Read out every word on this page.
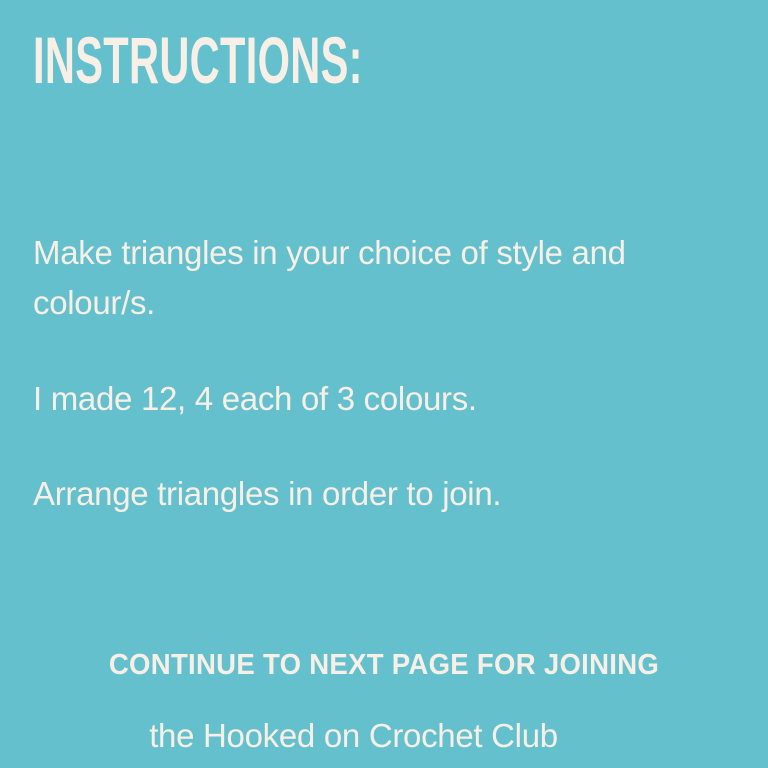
INSTRUCTIONS:

Make triangles in your choice of style and colour/s.

I made 12, 4 each of 3 colours.

Arrange triangles in order to join.

CONTINUE TO NEXT PAGE FOR JOINING
the Hooked on Crochet Club
